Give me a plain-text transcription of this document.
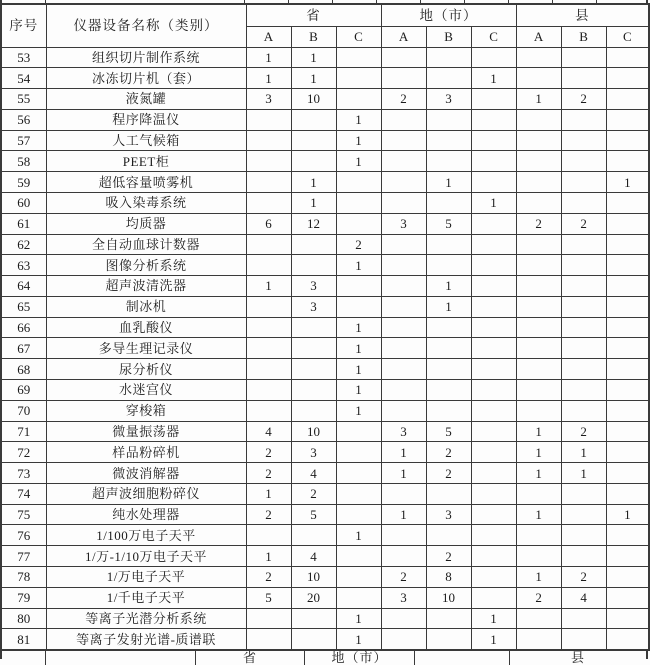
序号	仪器设备名称（类别）	省			地（市）			县		
		A	B	C	A	B	C	A	B	C
53	组织切片制作系统	1	1							
54	冰冻切片机（套）	1	1				1			
55	液氮罐	3	10		2	3		1	2	
56	程序降温仪			1						
57	人工气候箱			1						
58	PEET柜			1						
59	超低容量喷雾机		1			1				1
60	吸入染毒系统		1				1			
61	均质器	6	12		3	5		2	2	
62	全自动血球计数器			2						
63	图像分析系统			1						
64	超声波清洗器	1	3			1				
65	制冰机		3			1				
66	血乳酸仪			1						
67	多导生理记录仪			1						
68	尿分析仪			1						
69	水迷宫仪			1						
70	穿梭箱			1						
71	微量振荡器	4	10		3	5		1	2	
72	样品粉碎机	2	3		1	2		1	1	
73	微波消解器	2	4		1	2		1	1	
74	超声波细胞粉碎仪	1	2							
75	纯水处理器	2	5		1	3		1		1
76	1/100万电子天平			1						
77	1/万-1/10万电子天平	1	4			2				
78	1/万电子天平	2	10		2	8		1	2	
79	1/千电子天平	5	20		3	10		2	4	
80	等离子光潜分析系统			1			1			
81	等离子发射光谱-质谱联			1			1			
省	地（市）	县
